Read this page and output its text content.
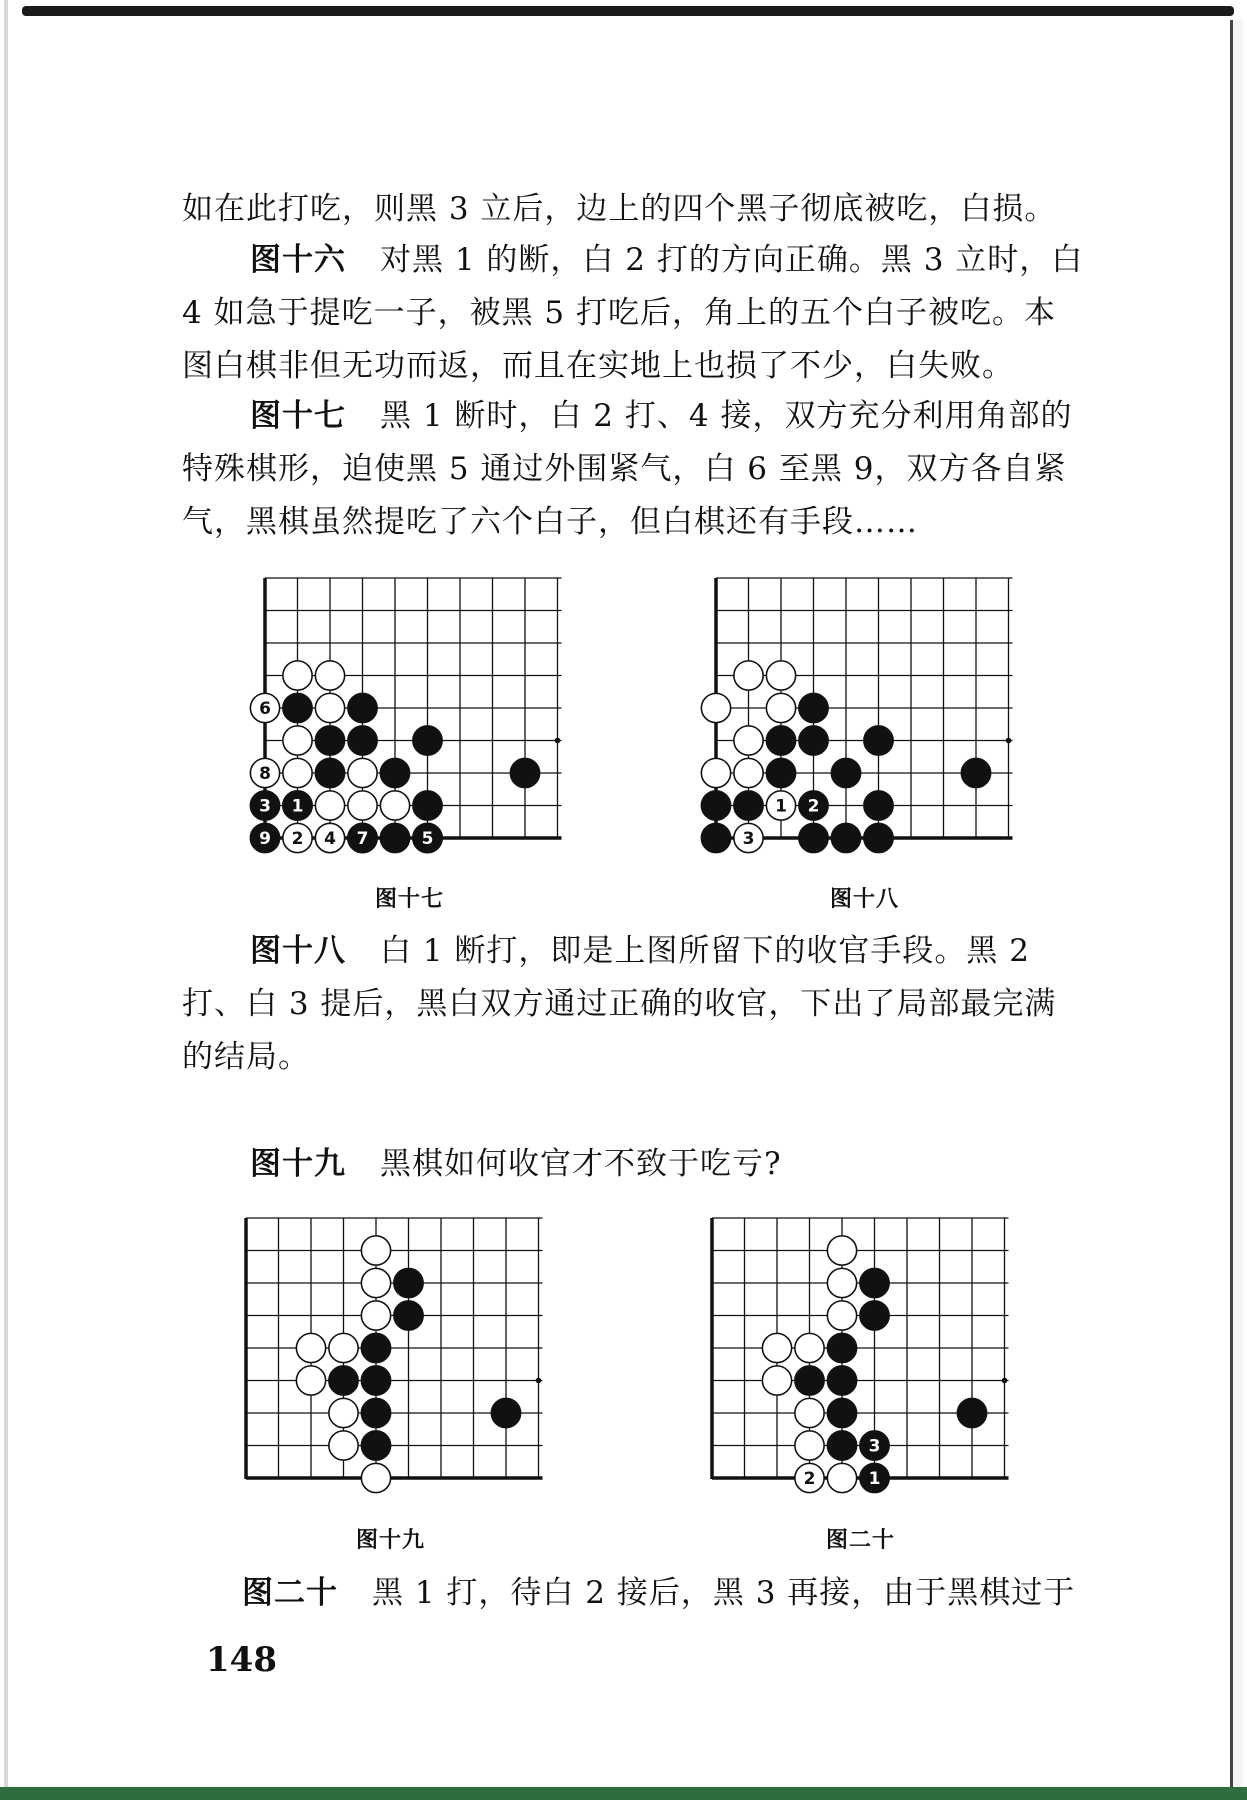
如在此打吃，则黑 3 立后，边上的四个黑子彻底被吃，白损。
图十六 对黑 1 的断，白 2 打的方向正确。黑 3 立时，白
4 如急于提吃一子，被黑 5 打吃后，角上的五个白子被吃。本
图白棋非但无功而返，而且在实地上也损了不少，白失败。
图十七 黑 1 断时，白 2 打、4 接，双方充分利用角部的
特殊棋形，迫使黑 5 通过外围紧气，白 6 至黑 9，双方各自紧
气，黑棋虽然提吃了六个白子，但白棋还有手段……
6
8
3 1
9 2 4 7	5
图十七
1 2
3
图十八
图十八 白 1 断打，即是上图所留下的收官手段。黑 2
打、白 3 提后，黑白双方通过正确的收官，下出了局部最完满
的结局。
图十九 黑棋如何收官才不致于吃亏?
图十九
3
2	1
图二十
图二十 黑 1 打，待白 2 接后，黑 3 再接，由于黑棋过于
148
